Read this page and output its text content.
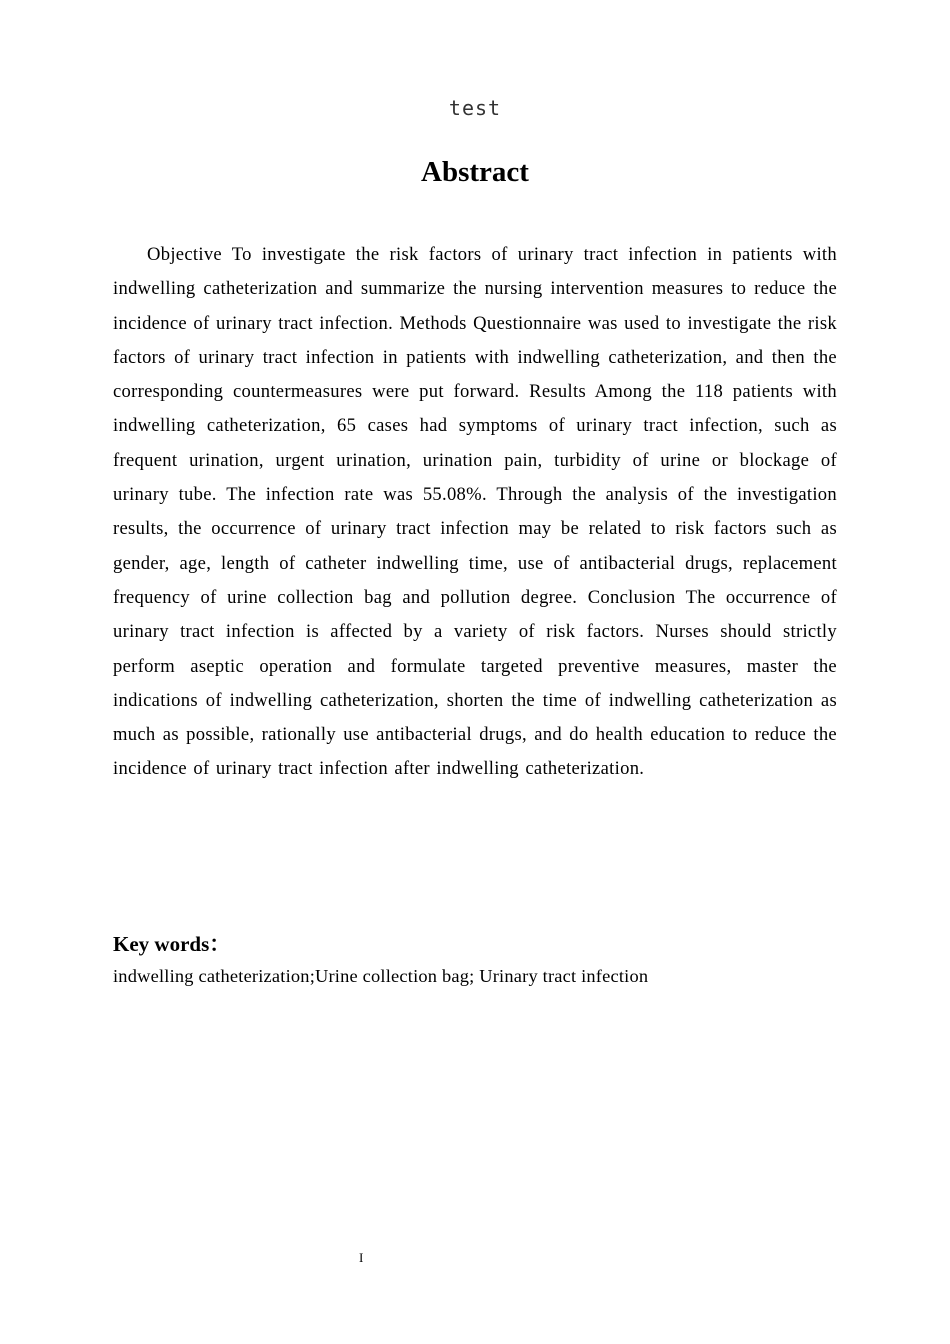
test
Abstract

Objective To investigate the risk factors of urinary tract infection in patients with indwelling catheterization and summarize the nursing intervention measures to reduce the incidence of urinary tract infection. Methods Questionnaire was used to investigate the risk factors of urinary tract infection in patients with indwelling catheterization, and then the corresponding countermeasures were put forward. Results Among the 118 patients with indwelling catheterization, 65 cases had symptoms of urinary tract infection, such as frequent urination, urgent urination, urination pain, turbidity of urine or blockage of urinary tube. The infection rate was 55.08%. Through the analysis of the investigation results, the occurrence of urinary tract infection may be related to risk factors such as gender, age, length of catheter indwelling time, use of antibacterial drugs, replacement frequency of urine collection bag and pollution degree. Conclusion The occurrence of urinary tract infection is affected by a variety of risk factors. Nurses should strictly perform aseptic operation and formulate targeted preventive measures, master the indications of indwelling catheterization, shorten the time of indwelling catheterization as much as possible, rationally use antibacterial drugs, and do health education to reduce the incidence of urinary tract infection after indwelling catheterization.

Key words：

indwelling catheterization;Urine collection bag; Urinary tract infection

I
